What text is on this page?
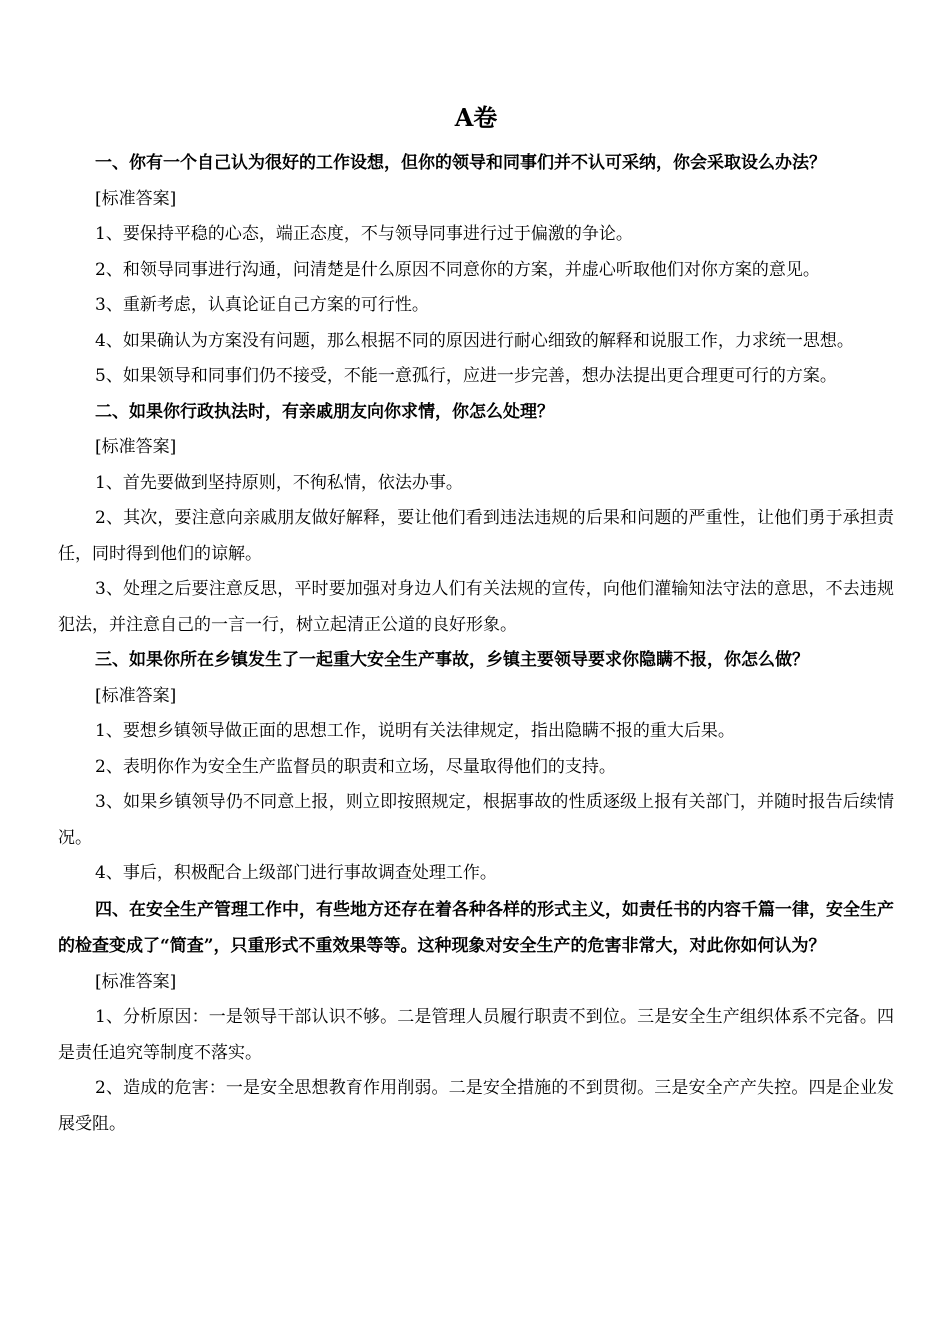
A卷

一、你有一个自己认为很好的工作设想，但你的领导和同事们并不认可采纳，你会采取设么办法？

[标准答案]

1、要保持平稳的心态，端正态度，不与领导同事进行过于偏激的争论。

2、和领导同事进行沟通，问清楚是什么原因不同意你的方案，并虚心听取他们对你方案的意见。

3、重新考虑，认真论证自己方案的可行性。

4、如果确认为方案没有问题，那么根据不同的原因进行耐心细致的解释和说服工作，力求统一思想。

5、如果领导和同事们仍不接受，不能一意孤行，应进一步完善，想办法提出更合理更可行的方案。

二、如果你行政执法时，有亲戚朋友向你求情，你怎么处理？

[标准答案]

1、首先要做到坚持原则，不徇私情，依法办事。

2、其次，要注意向亲戚朋友做好解释，要让他们看到违法违规的后果和问题的严重性，让他们勇于承担责任，同时得到他们的谅解。

3、处理之后要注意反思，平时要加强对身边人们有关法规的宣传，向他们灌输知法守法的意思，不去违规犯法，并注意自己的一言一行，树立起清正公道的良好形象。

三、如果你所在乡镇发生了一起重大安全生产事故，乡镇主要领导要求你隐瞒不报，你怎么做？

[标准答案]

1、要想乡镇领导做正面的思想工作，说明有关法律规定，指出隐瞒不报的重大后果。

2、表明你作为安全生产监督员的职责和立场，尽量取得他们的支持。

3、如果乡镇领导仍不同意上报，则立即按照规定，根据事故的性质逐级上报有关部门，并随时报告后续情况。

4、事后，积极配合上级部门进行事故调查处理工作。

四、在安全生产管理工作中，有些地方还存在着各种各样的形式主义，如责任书的内容千篇一律，安全生产的检查变成了“简查”，只重形式不重效果等等。这种现象对安全生产的危害非常大，对此你如何认为？

[标准答案]

1、分析原因：一是领导干部认识不够。二是管理人员履行职责不到位。三是安全生产组织体系不完备。四是责任追究等制度不落实。

2、造成的危害：一是安全思想教育作用削弱。二是安全措施的不到贯彻。三是安全产产失控。四是企业发展受阻。
